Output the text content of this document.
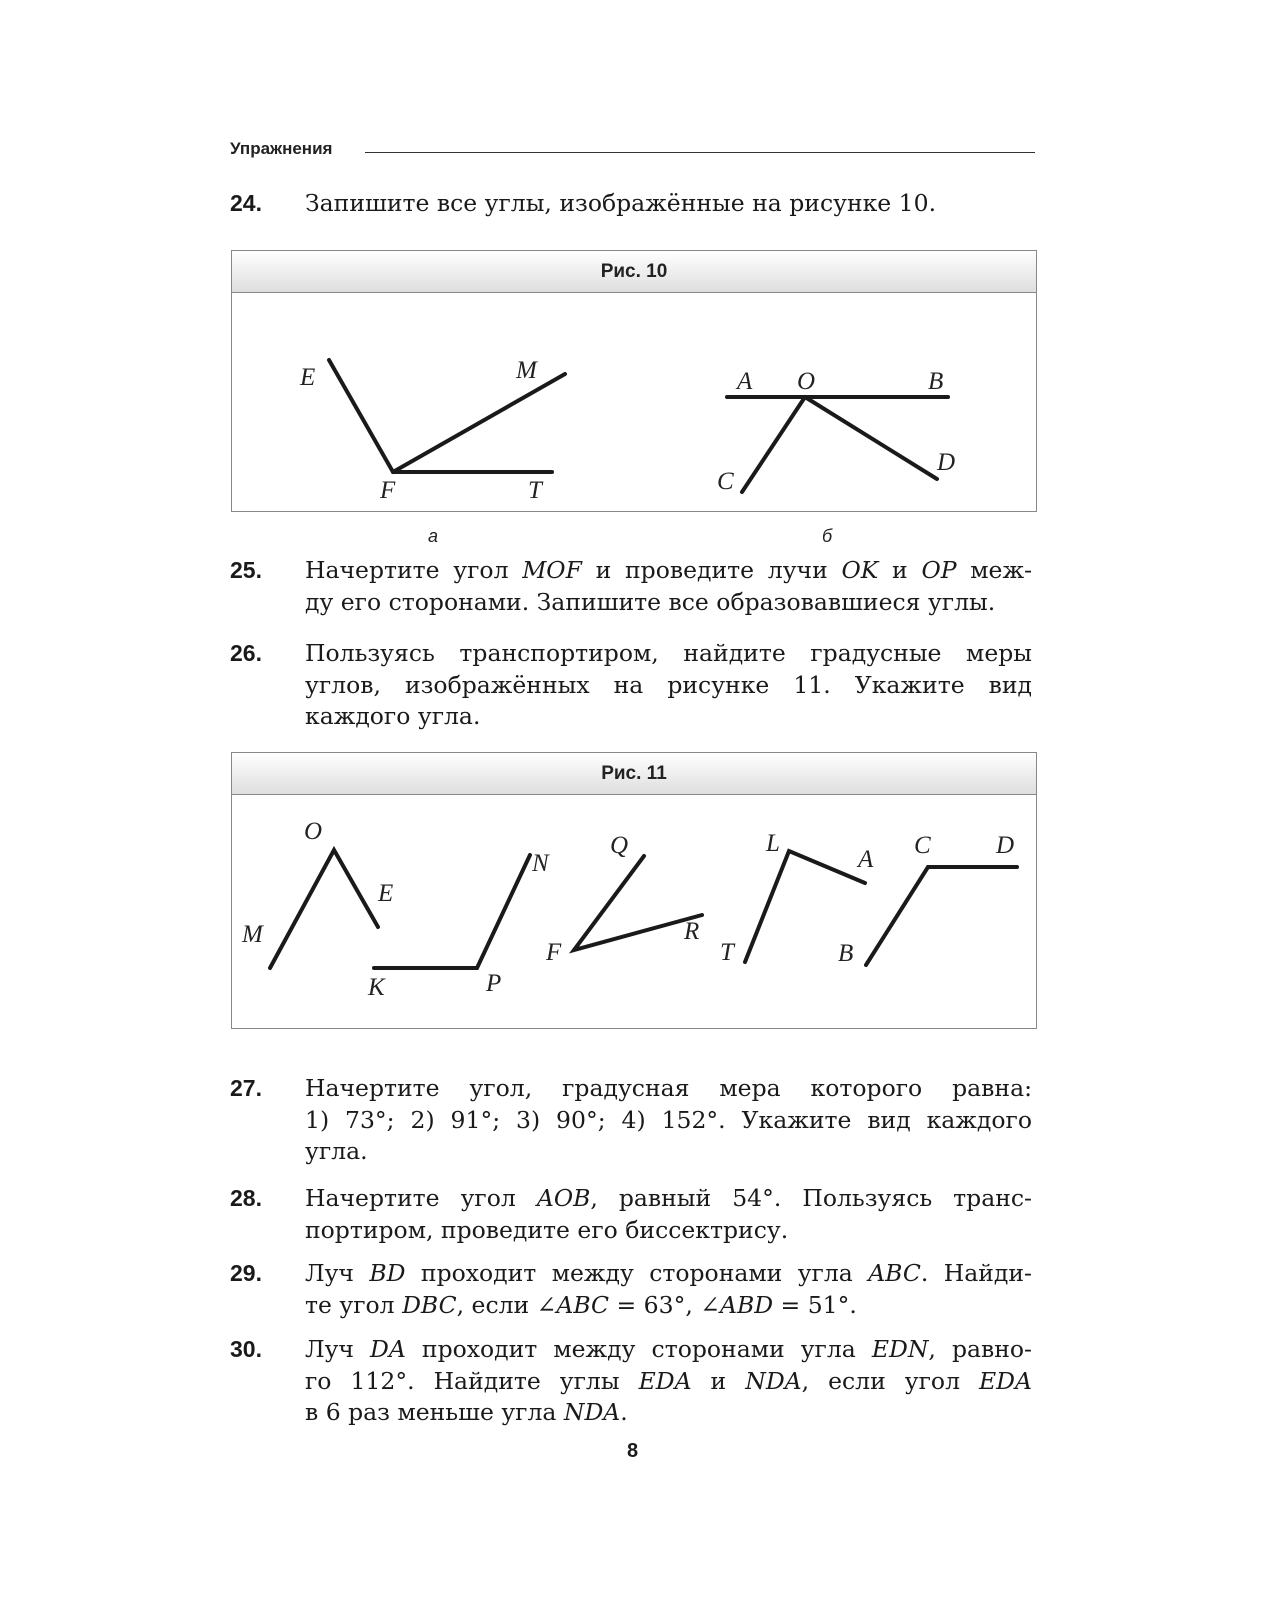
Упражнения
24.	Запишите все углы, изображённые на рисунке 10.
Рис. 10
E	M
F	T
A O	B
C
D
а	б
25.	Начертите угол MOF и проведите лучи OK и OP меж-
ду его сторонами. Запишите все образовавшиеся углы.
26.	Пользуясь транспортиром, найдите градусные меры
углов, изображённых на рисунке 11. Укажите вид
каждого угла.
Рис. 11
O
E
M
N
K	P
Q
F
R
L
A
T
C	D
B
27.	Начертите угол, градусная мера которого равна:
1) 73°; 2) 91°; 3) 90°; 4) 152°. Укажите вид каждого
угла.
28.	Начертите угол AOB, равный 54°. Пользуясь транс-
портиром, проведите его биссектрису.
29.	Луч BD проходит между сторонами угла ABC. Найди-
те угол DBC, если ∠ABC = 63°, ∠ABD = 51°.
30.	Луч DA проходит между сторонами угла EDN, равно-
го 112°. Найдите углы EDA и NDA, если угол EDA
в 6 раз меньше угла NDA.
8
